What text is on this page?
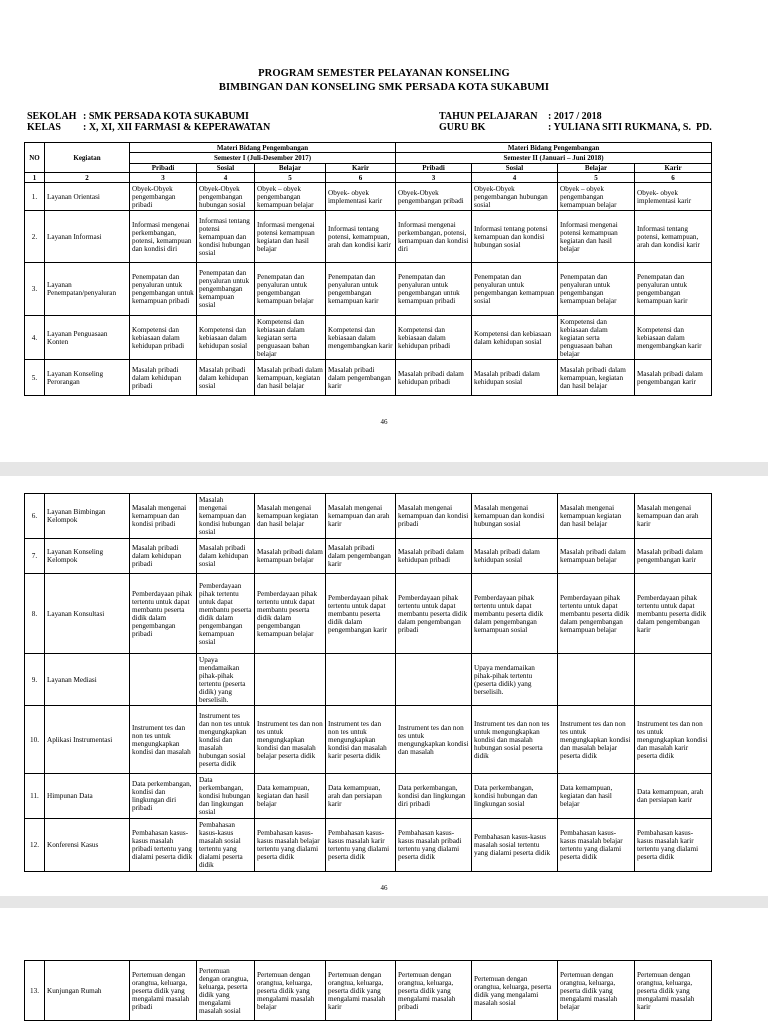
PROGRAM SEMESTER PELAYANAN KONSELING
BIMBINGAN DAN KONSELING SMK PERSADA KOTA SUKABUMI
SEKOLAH : SMK PERSADA KOTA SUKABUMI
KELAS : X, XI, XII FARMASI & KEPERAWATAN
TAHUN PELAJARAN : 2017 / 2018
GURU BK	: YULIANA SITI RUKMANA, S.  PD.
NO	Kegiatan	Materi Bidang Pengembangan				Materi Bidang Pengembangan			
		Semester I (Juli-Desember 2017)				Semester II (Januari – Juni 2018)			
		Pribadi	Sosial	Belajar	Karir	Pribadi	Sosial	Belajar	Karir
1	2	3	4	5	6	3	4	5	6
1.	Layanan Orientasi	Obyek-Obyek pengembangan pribadi	Obyek-Obyek pengembangan hubungan sosial	Obyek – obyek pengembangan kemampuan belajar	Obyek- obyek implementasi karir	Obyek-Obyek pengembangan pribadi	Obyek-Obyek pengembangan hubungan sosial	Obyek – obyek pengembangan kemampuan belajar	Obyek- obyek implementasi karir
2.	Layanan Informasi	Informasi mengenai perkembangan, potensi, kemampuan dan kondisi diri	Informasi tentang potensi kemampuan dan kondisi hubungan sosial	Informasi mengenai potensi kemampuan kegiatan dan hasil belajar	Informasi tentang potensi, kemampuan, arah dan kondisi karir	Informasi mengenai perkembangan, potensi, kemampuan dan kondisi diri	Informasi tentang potensi kemampuan dan kondisi hubungan sosial	Informasi mengenai potensi kemampuan kegiatan dan hasil belajar	Informasi tentang potensi, kemampuan, arah dan kondisi karir
3.	Layanan Penempatan/penyaluran	Penempatan dan penyaluran untuk pengembangan untuk kemampuan pribadi	Penempatan dan penyaluran untuk pengembangan kemampuan sosial	Penempatan dan penyaluran untuk pengembangan kemampuan belajar	Penempatan dan penyaluran untuk pengembangan kemampuan karir	Penempatan dan penyaluran untuk pengembangan untuk kemampuan pribadi	Penempatan dan penyaluran untuk pengembangan kemampuan sosial	Penempatan dan penyaluran untuk pengembangan kemampuan belajar	Penempatan dan penyaluran untuk pengembangan kemampuan karir
4.	Layanan Penguasaan Konten	Kompetensi dan kebiasaan dalam kehidupan pribadi	Kompetensi dan kebiasaan dalam kehidupan sosial	Kompetensi dan kebiasaan dalam kegiatan serta penguasaan bahan belajar	Kompetensi dan kebiasaan dalam mengembangkan karir	Kompetensi dan kebiasaan dalam kehidupan pribadi	Kompetensi dan kebiasaan dalam kehidupan sosial	Kompetensi dan kebiasaan dalam kegiatan serta penguasaan bahan belajar	Kompetensi dan kebiasaan dalam mengembangkan karir
5.	Layanan Konseling Perorangan	Masalah pribadi dalam kehidupan pribadi	Masalah pribadi dalam kehidupan sosial	Masalah pribadi dalam kemampuan, kegiatan dan hasil belajar	Masalah pribadi dalam pengembangan karir	Masalah pribadi dalam kehidupan pribadi	Masalah pribadi dalam kehidupan sosial	Masalah pribadi dalam kemampuan, kegiatan dan hasil belajar	Masalah pribadi dalam pengembangan karir
46
6.	Layanan Bimbingan Kelompok	Masalah mengenai kemampuan dan kondisi pribadi	Masalah mengenai kemampuan dan kondisi hubungan sosial	Masalah mengenai kemampuan kegiatan dan hasil belajar	Masalah mengenai kemampuan dan arah karir	Masalah mengenai kemampuan dan kondisi pribadi	Masalah mengenai kemampuan dan kondisi hubungan sosial	Masalah mengenai kemampuan kegiatan dan hasil belajar	Masalah mengenai kemampuan dan arah karir
7.	Layanan Konseling Kelompok	Masalah pribadi dalam kehidupan pribadi	Masalah pribadi dalam kehidupan sosial	Masalah pribadi dalam kemampuan belajar	Masalah pribadi dalam pengembangan karir	Masalah pribadi dalam kehidupan pribadi	Masalah pribadi dalam kehidupan sosial	Masalah pribadi dalam kemampuan belajar	Masalah pribadi dalam pengembangan karir
8.	Layanan Konsultasi	Pemberdayaan pihak tertentu untuk dapat membantu peserta didik dalam pengembangan pribadi	Pemberdayaan pihak tertentu untuk dapat membantu peserta didik dalam pengembangan kemampuan sosial	Pemberdayaan pihak tertentu untuk dapat membantu peserta didik dalam pengembangan kemampuan belajar	Pemberdayaan pihak tertentu untuk dapat membantu peserta didik dalam pengembangan karir	Pemberdayaan pihak tertentu untuk dapat membantu peserta didik dalam pengembangan pribadi	Pemberdayaan pihak tertentu untuk dapat membantu peserta didik dalam pengembangan kemampuan sosial	Pemberdayaan pihak tertentu untuk dapat membantu peserta didik dalam pengembangan kemampuan belajar	Pemberdayaan pihak tertentu untuk dapat membantu peserta didik dalam pengembangan karir
9.	Layanan Mediasi		Upaya mendamaikan pihak-pihak tertentu (peserta didik) yang berselisih.				Upaya mendamaikan pihak-pihak tertentu (peserta didik) yang berselisih.		
10.	Aplikasi Instrumentasi	Instrument tes dan non tes untuk mengungkapkan kondisi dan masalah	Instrument tes dan non tes untuk mengungkapkan kondisi dan masalah hubungan sosial peserta didik	Instrument tes dan non tes untuk mengungkapkan kondisi dan masalah belajar peserta didik	Instrument tes dan non tes untuk mengungkapkan kondisi dan masalah karir peserta didik	Instrument tes dan non tes untuk mengungkapkan kondisi dan masalah	Instrument tes dan non tes untuk mengungkapkan kondisi dan masalah hubungan sosial peserta didik	Instrument tes dan non tes untuk mengungkapkan kondisi dan masalah belajar peserta didik	Instrument tes dan non tes untuk mengungkapkan kondisi dan masalah karir peserta didik
11.	Himpunan Data	Data perkembangan, kondisi dan lingkungan diri pribadi	Data perkembangan, kondisi hubungan dan lingkungan sosial	Data kemampuan, kegiatan dan hasil belajar	Data kemampuan, arah dan persiapan karir	Data perkembangan, kondisi dan lingkungan diri pribadi	Data perkembangan, kondisi hubungan dan lingkungan sosial	Data kemampuan, kegiatan dan hasil belajar	Data kemampuan, arah dan persiapan karir
12.	Konferensi Kasus	Pembahasan kasus-kasus masalah pribadi tertentu yang dialami peserta didik	Pembahasan kasus-kasus masalah sosial tertentu yang dialami peserta didik	Pembahasan kasus-kasus masalah belajar tertentu yang dialami peserta didik	Pembahasan kasus-kasus masalah karir tertentu yang dialami peserta didik	Pembahasan kasus-kasus masalah pribadi tertentu yang dialami peserta didik	Pembahasan kasus-kasus masalah sosial tertentu yang dialami peserta didik	Pembahasan kasus-kasus masalah belajar tertentu yang dialami peserta didik	Pembahasan kasus-kasus masalah karir tertentu yang dialami peserta didik
46
13.	Kunjungan Rumah	Pertemuan dengan orangtua, keluarga, peserta didik yang mengalami masalah pribadi	Pertemuan dengan orangtua, keluarga, peserta didik yang mengalami masalah sosial	Pertemuan dengan orangtua, keluarga, peserta didik yang mengalami masalah belajar	Pertemuan dengan orangtua, keluarga, peserta didik yang mengalami masalah karir	Pertemuan dengan orangtua, keluarga, peserta didik yang mengalami masalah pribadi	Pertemuan dengan orangtua, keluarga, peserta didik yang mengalami masalah sosial	Pertemuan dengan orangtua, keluarga, peserta didik yang mengalami masalah belajar	Pertemuan dengan orangtua, keluarga, peserta didik yang mengalami masalah karir
